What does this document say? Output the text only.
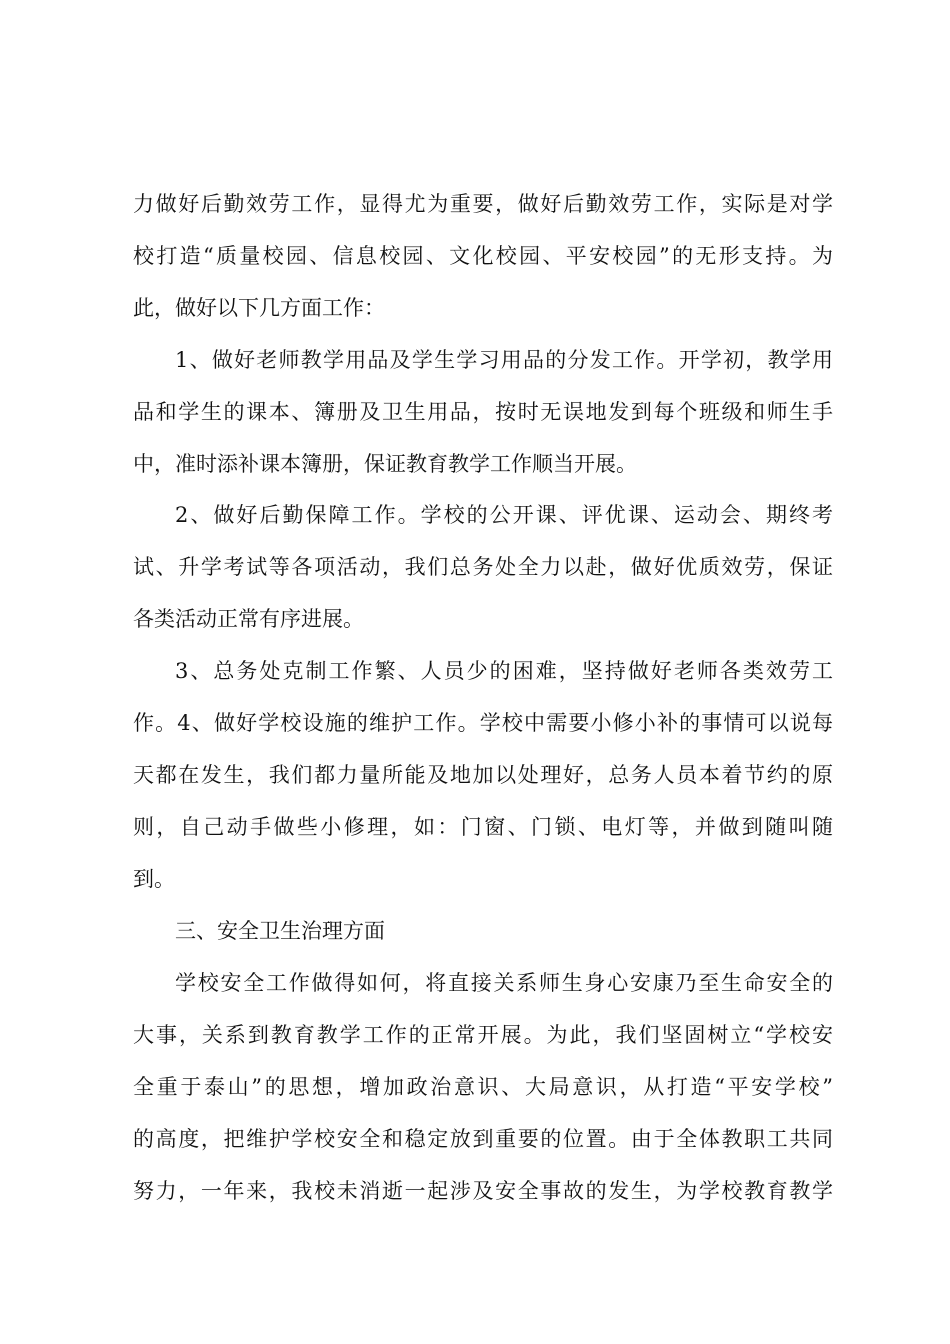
力做好后勤效劳工作，显得尤为重要，做好后勤效劳工作，实际是对学
校打造“质量校园、信息校园、文化校园、平安校园”的无形支持。为
此，做好以下几方面工作：
1、做好老师教学用品及学生学习用品的分发工作。开学初，教学用
品和学生的课本、簿册及卫生用品，按时无误地发到每个班级和师生手
中，准时添补课本簿册，保证教育教学工作顺当开展。
2、做好后勤保障工作。学校的公开课、评优课、运动会、期终考
试、升学考试等各项活动，我们总务处全力以赴，做好优质效劳，保证
各类活动正常有序进展。
3、总务处克制工作繁、人员少的困难，坚持做好老师各类效劳工
作。4、做好学校设施的维护工作。学校中需要小修小补的事情可以说每
天都在发生，我们都力量所能及地加以处理好，总务人员本着节约的原
则，自己动手做些小修理，如：门窗、门锁、电灯等，并做到随叫随
到。
三、安全卫生治理方面
学校安全工作做得如何，将直接关系师生身心安康乃至生命安全的
大事，关系到教育教学工作的正常开展。为此，我们坚固树立“学校安
全重于泰山”的思想，增加政治意识、大局意识，从打造“平安学校”
的高度，把维护学校安全和稳定放到重要的位置。由于全体教职工共同
努力，一年来，我校未消逝一起涉及安全事故的发生，为学校教育教学
